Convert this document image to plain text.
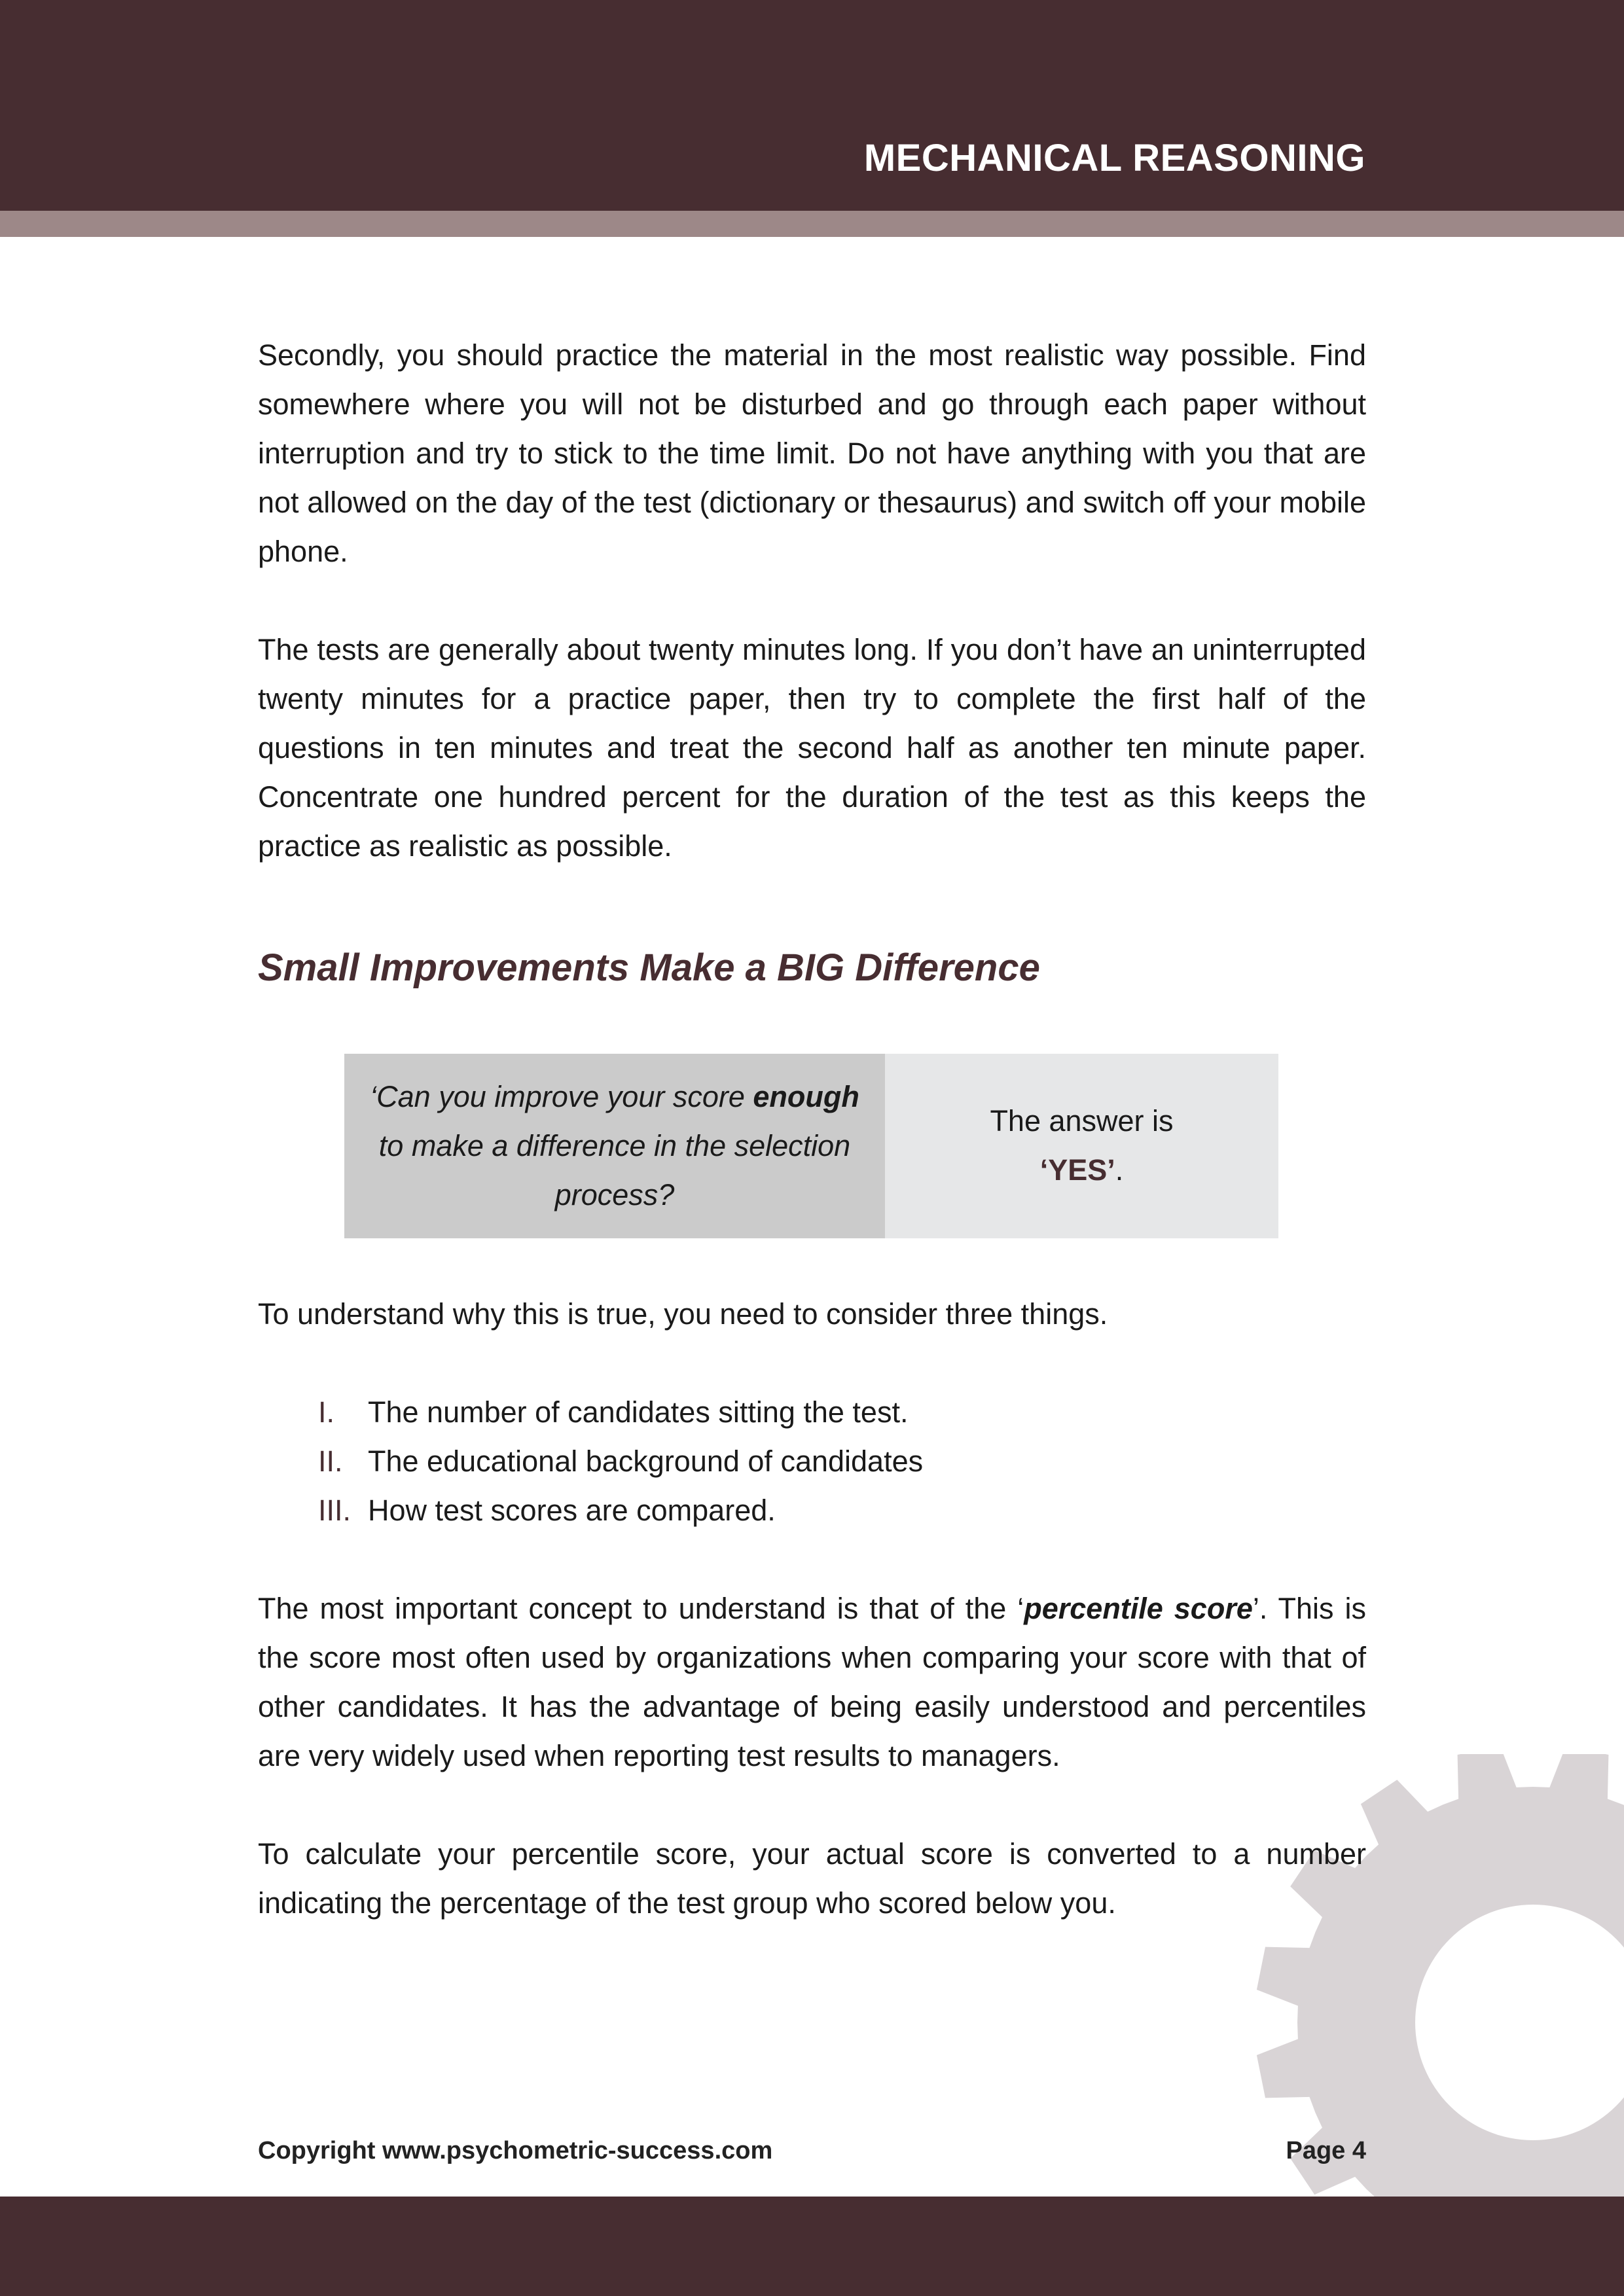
MECHANICAL REASONING

Secondly, you should practice the material in the most realistic way possible. Find somewhere where you will not be disturbed and go through each paper without interruption and try to stick to the time limit. Do not have anything with you that are not allowed on the day of the test (dictionary or thesaurus) and switch off your mobile phone.

The tests are generally about twenty minutes long. If you don’t have an uninterrupted twenty minutes for a practice paper, then try to complete the first half of the questions in ten minutes and treat the second half as another ten minute paper. Concentrate one hundred percent for the duration of the test as this keeps the practice as realistic as possible.

Small Improvements Make a BIG Difference
‘Can you improve your score enough to make a difference in the selection process?
The answer is
‘YES’.

To understand why this is true, you need to consider three things.

I.	The number of candidates sitting the test.
II. The educational background of candidates
III. How test scores are compared.

The most important concept to understand is that of the ‘percentile score’. This is the score most often used by organizations when comparing your score with that of other candidates. It has the advantage of being easily understood and percentiles are very widely used when reporting test results to managers.

To calculate your percentile score, your actual score is converted to a number indicating the percentage of the test group who scored below you.

Copyright www.psychometric-success.com	Page 4
